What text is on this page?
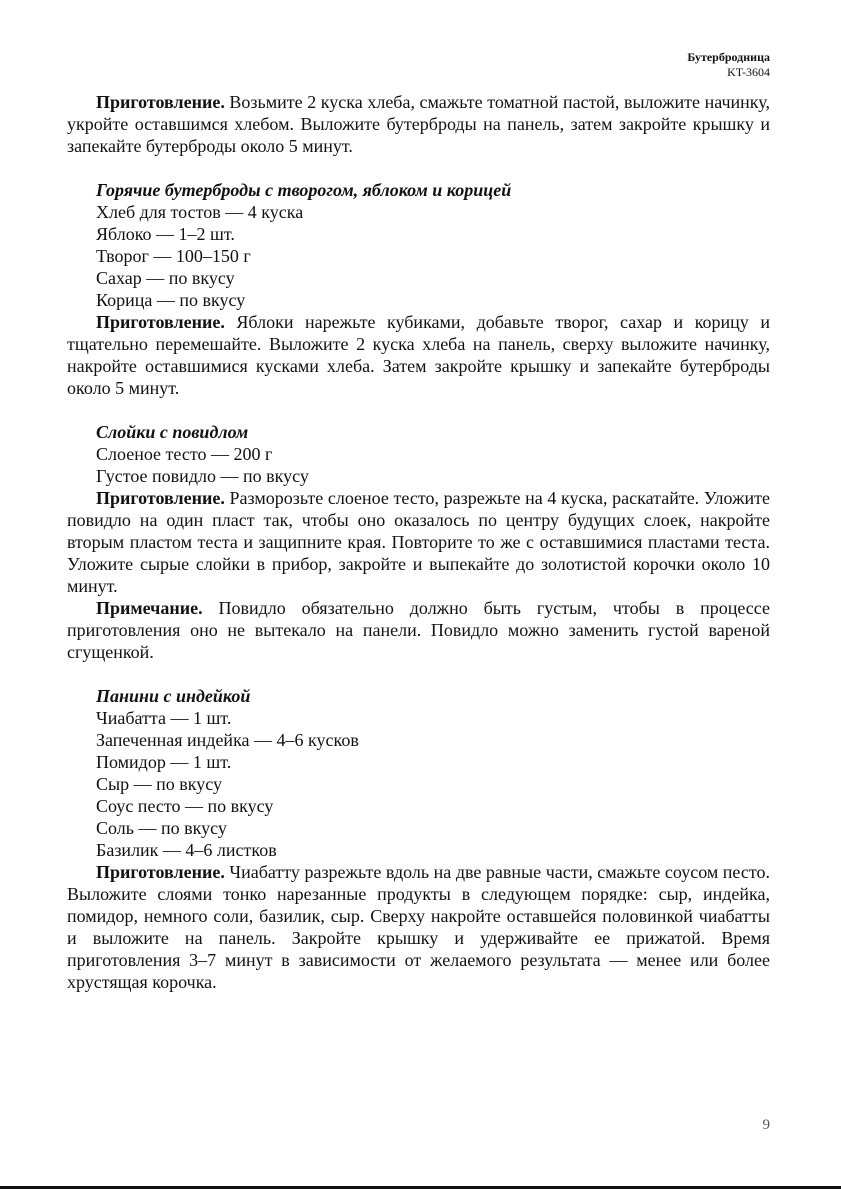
Бутербродница
KT-3604

Приготовление. Возьмите 2 куска хлеба, смажьте томатной пастой, выложите начинку, укройте оставшимся хлебом. Выложите бутерброды на панель, затем закройте крышку и запекайте бутерброды около 5 минут.

Горячие бутерброды с творогом, яблоком и корицей

Хлеб для тостов — 4 куска

Яблоко — 1–2 шт.

Творог — 100–150 г

Сахар — по вкусу

Корица — по вкусу

Приготовление. Яблоки нарежьте кубиками, добавьте творог, сахар и корицу и тщательно перемешайте. Выложите 2 куска хлеба на панель, сверху выложите начинку, накройте оставшимися кусками хлеба. Затем закройте крышку и запекайте бутерброды около 5 минут.

Слойки с повидлом

Слоеное тесто — 200 г

Густое повидло — по вкусу

Приготовление. Разморозьте слоеное тесто, разрежьте на 4 куска, раскатайте. Уложите повидло на один пласт так, чтобы оно оказалось по центру будущих слоек, накройте вторым пластом теста и защипните края. Повторите то же с оставшимися пластами теста. Уложите сырые слойки в прибор, закройте и выпекайте до золотистой корочки около 10 минут.

Примечание. Повидло обязательно должно быть густым, чтобы в процессе приготовления оно не вытекало на панели. Повидло можно заменить густой вареной сгущенкой.

Панини с индейкой

Чиабатта — 1 шт.

Запеченная индейка — 4–6 кусков

Помидор — 1 шт.

Сыр — по вкусу

Соус песто — по вкусу

Соль — по вкусу

Базилик — 4–6 листков

Приготовление. Чиабатту разрежьте вдоль на две равные части, смажьте соусом песто. Выложите слоями тонко нарезанные продукты в следующем порядке: сыр, индейка, помидор, немного соли, базилик, сыр. Сверху накройте оставшейся половинкой чиабатты и выложите на панель. Закройте крышку и удерживайте ее прижатой. Время приготовления 3–7 минут в зависимости от желаемого результата — менее или более хрустящая корочка.

9
